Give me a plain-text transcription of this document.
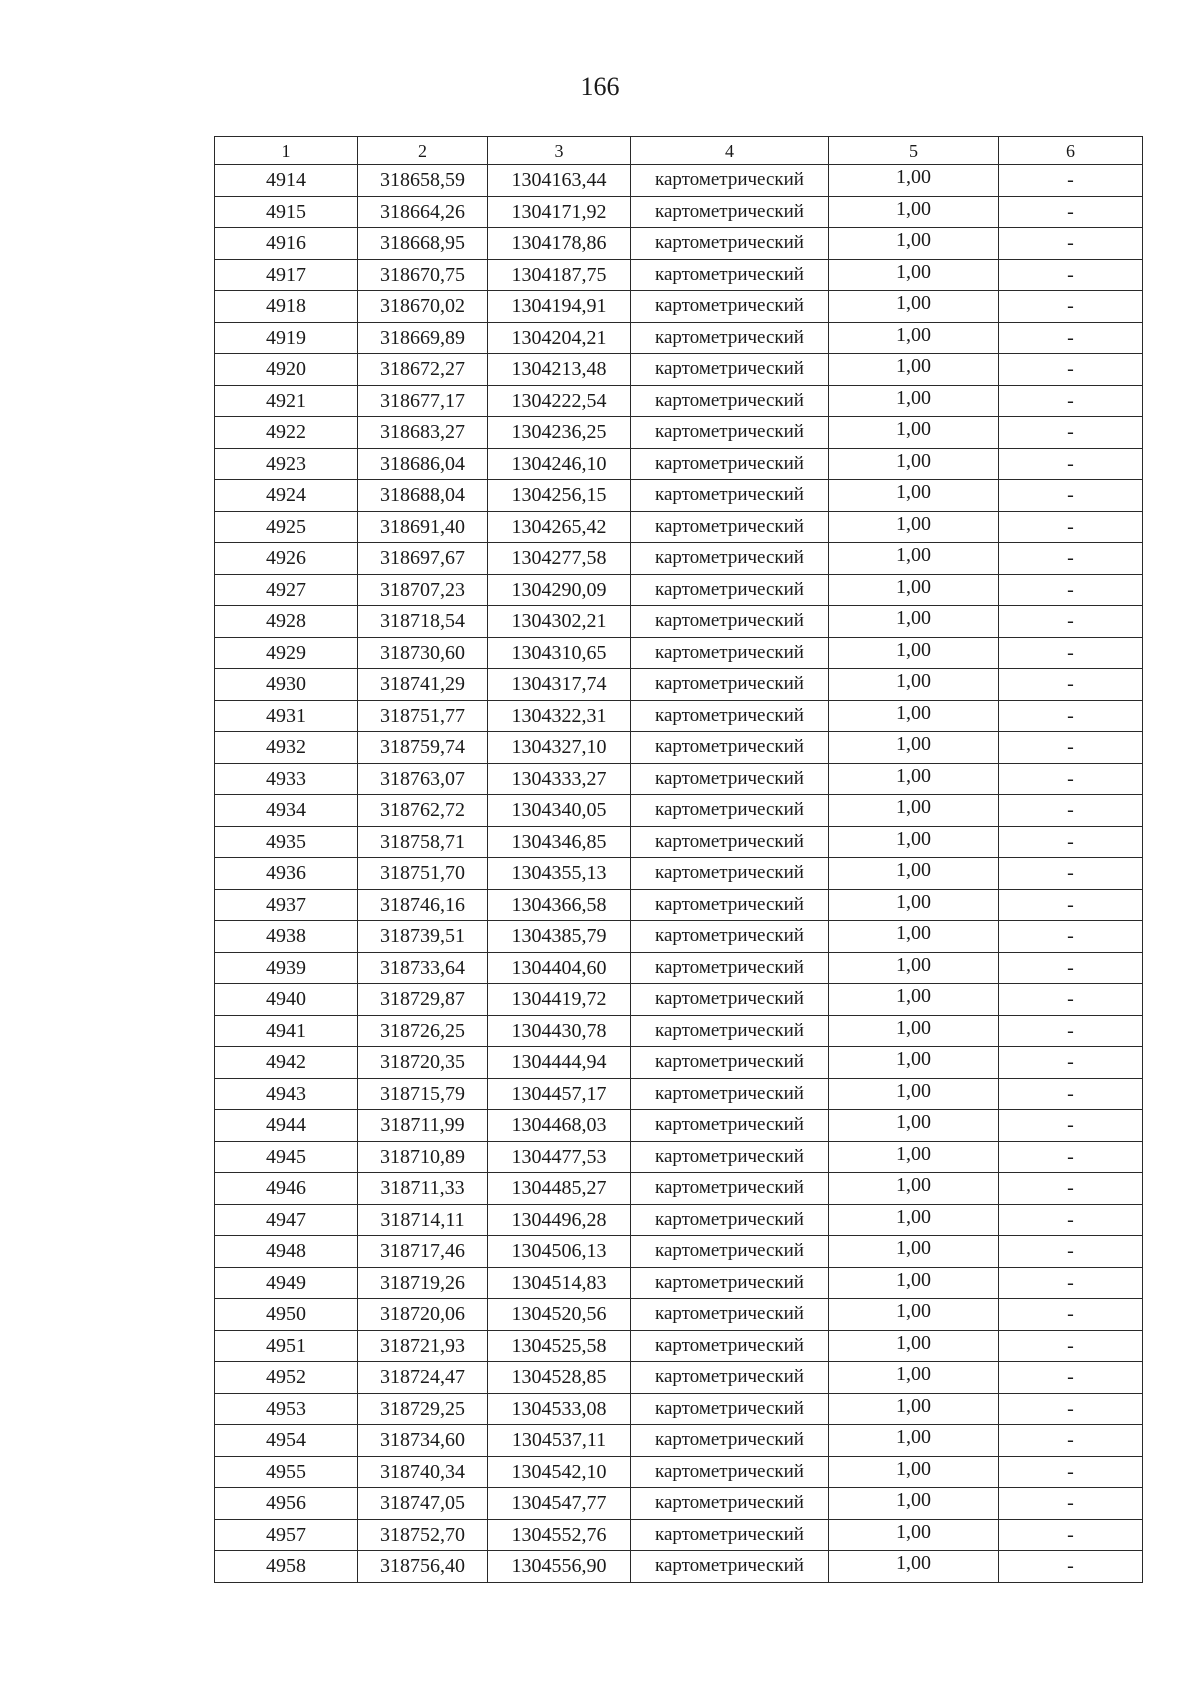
166
1	2	3	4	5	6
4914	318658,59	1304163,44	картометрический	1,00	-
4915	318664,26	1304171,92	картометрический	1,00	-
4916	318668,95	1304178,86	картометрический	1,00	-
4917	318670,75	1304187,75	картометрический	1,00	-
4918	318670,02	1304194,91	картометрический	1,00	-
4919	318669,89	1304204,21	картометрический	1,00	-
4920	318672,27	1304213,48	картометрический	1,00	-
4921	318677,17	1304222,54	картометрический	1,00	-
4922	318683,27	1304236,25	картометрический	1,00	-
4923	318686,04	1304246,10	картометрический	1,00	-
4924	318688,04	1304256,15	картометрический	1,00	-
4925	318691,40	1304265,42	картометрический	1,00	-
4926	318697,67	1304277,58	картометрический	1,00	-
4927	318707,23	1304290,09	картометрический	1,00	-
4928	318718,54	1304302,21	картометрический	1,00	-
4929	318730,60	1304310,65	картометрический	1,00	-
4930	318741,29	1304317,74	картометрический	1,00	-
4931	318751,77	1304322,31	картометрический	1,00	-
4932	318759,74	1304327,10	картометрический	1,00	-
4933	318763,07	1304333,27	картометрический	1,00	-
4934	318762,72	1304340,05	картометрический	1,00	-
4935	318758,71	1304346,85	картометрический	1,00	-
4936	318751,70	1304355,13	картометрический	1,00	-
4937	318746,16	1304366,58	картометрический	1,00	-
4938	318739,51	1304385,79	картометрический	1,00	-
4939	318733,64	1304404,60	картометрический	1,00	-
4940	318729,87	1304419,72	картометрический	1,00	-
4941	318726,25	1304430,78	картометрический	1,00	-
4942	318720,35	1304444,94	картометрический	1,00	-
4943	318715,79	1304457,17	картометрический	1,00	-
4944	318711,99	1304468,03	картометрический	1,00	-
4945	318710,89	1304477,53	картометрический	1,00	-
4946	318711,33	1304485,27	картометрический	1,00	-
4947	318714,11	1304496,28	картометрический	1,00	-
4948	318717,46	1304506,13	картометрический	1,00	-
4949	318719,26	1304514,83	картометрический	1,00	-
4950	318720,06	1304520,56	картометрический	1,00	-
4951	318721,93	1304525,58	картометрический	1,00	-
4952	318724,47	1304528,85	картометрический	1,00	-
4953	318729,25	1304533,08	картометрический	1,00	-
4954	318734,60	1304537,11	картометрический	1,00	-
4955	318740,34	1304542,10	картометрический	1,00	-
4956	318747,05	1304547,77	картометрический	1,00	-
4957	318752,70	1304552,76	картометрический	1,00	-
4958	318756,40	1304556,90	картометрический	1,00	-
